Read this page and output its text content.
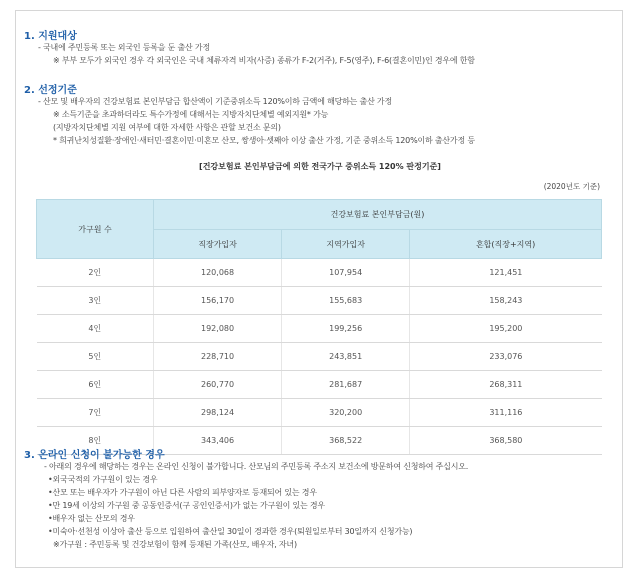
1. 지원대상
- 국내에 주민등록 또는 외국인 등록을 둔 출산 가정
※ 부부 모두가 외국인 경우 각 외국인은 국내 체류자격 비자(사증) 종류가 F-2(거주), F-5(영주), F-6(결혼이민)인 경우에 한함
2. 선정기준
- 산모 및 배우자의 건강보험료 본인부담금 합산액이 기준중위소득 120%이하 금액에 해당하는 출산 가정
※ 소득기준을 초과하더라도 특수가정에 대해서는 지방자치단체별 예외지원* 가능
(지방자치단체별 지원 여부에 대한 자세한 사항은 관할 보건소 문의)
* 희귀난치성질환·장애인·새터민·결혼이민·미혼모 산모, 쌍생아·셋째아 이상 출산 가정, 기준 중위소득 120%이하 출산가정 등
[건강보험료 본인부담금에 의한 전국가구 중위소득 120% 판정기준]
(2020년도 기준)
가구원 수	건강보험료 본인부담금(원)		
	직장가입자	지역가입자	혼합(직장+지역)
2인	120,068	107,954	121,451
3인	156,170	155,683	158,243
4인	192,080	199,256	195,200
5인	228,710	243,851	233,076
6인	260,770	281,687	268,311
7인	298,124	320,200	311,116
8인	343,406	368,522	368,580
3. 온라인 신청이 불가능한 경우
- 아래의 경우에 해당하는 경우는 온라인 신청이 불가합니다. 산모님의 주민등록 주소지 보건소에 방문하여 신청하여 주십시오.
•외국국적의 가구원이 있는 경우
•산모 또는 배우자가 가구원이 아닌 다른 사람의 피부양자로 등재되어 있는 경우
•만 19세 이상의 가구원 중 공동인증서(구 공인인증서)가 없는 가구원이 있는 경우
•배우자 없는 산모의 경우
•미숙아·선천성 이상아 출산 등으로 입원하여 출산일 30일이 경과한 경우(퇴원일로부터 30일까지 신청가능)
※가구원 : 주민등록 및 건강보험이 함께 등재된 가족(산모, 배우자, 자녀)
